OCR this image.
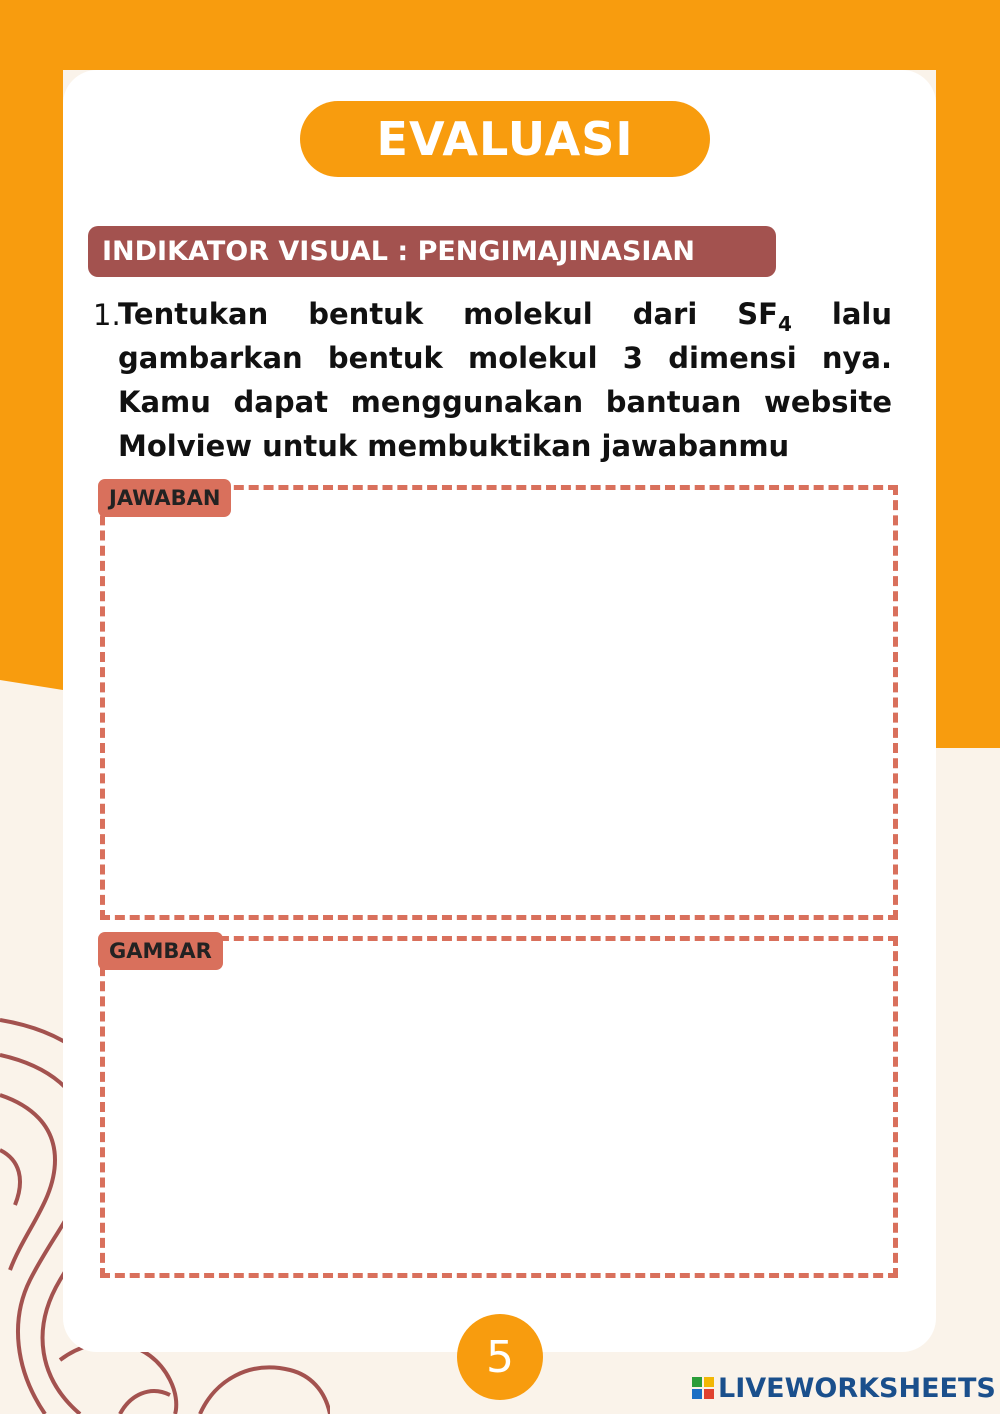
EVALUASI
INDIKATOR VISUAL : PENGIMAJINASIAN
1.
Tentukan bentuk molekul dari $SF_4$ lalu gambarkan bentuk molekul 3 dimensi nya. Kamu dapat menggunakan bantuan website Molview untuk membuktikan jawabanmu
JAWABAN
GAMBAR
5
LIVEWORKSHEETS
